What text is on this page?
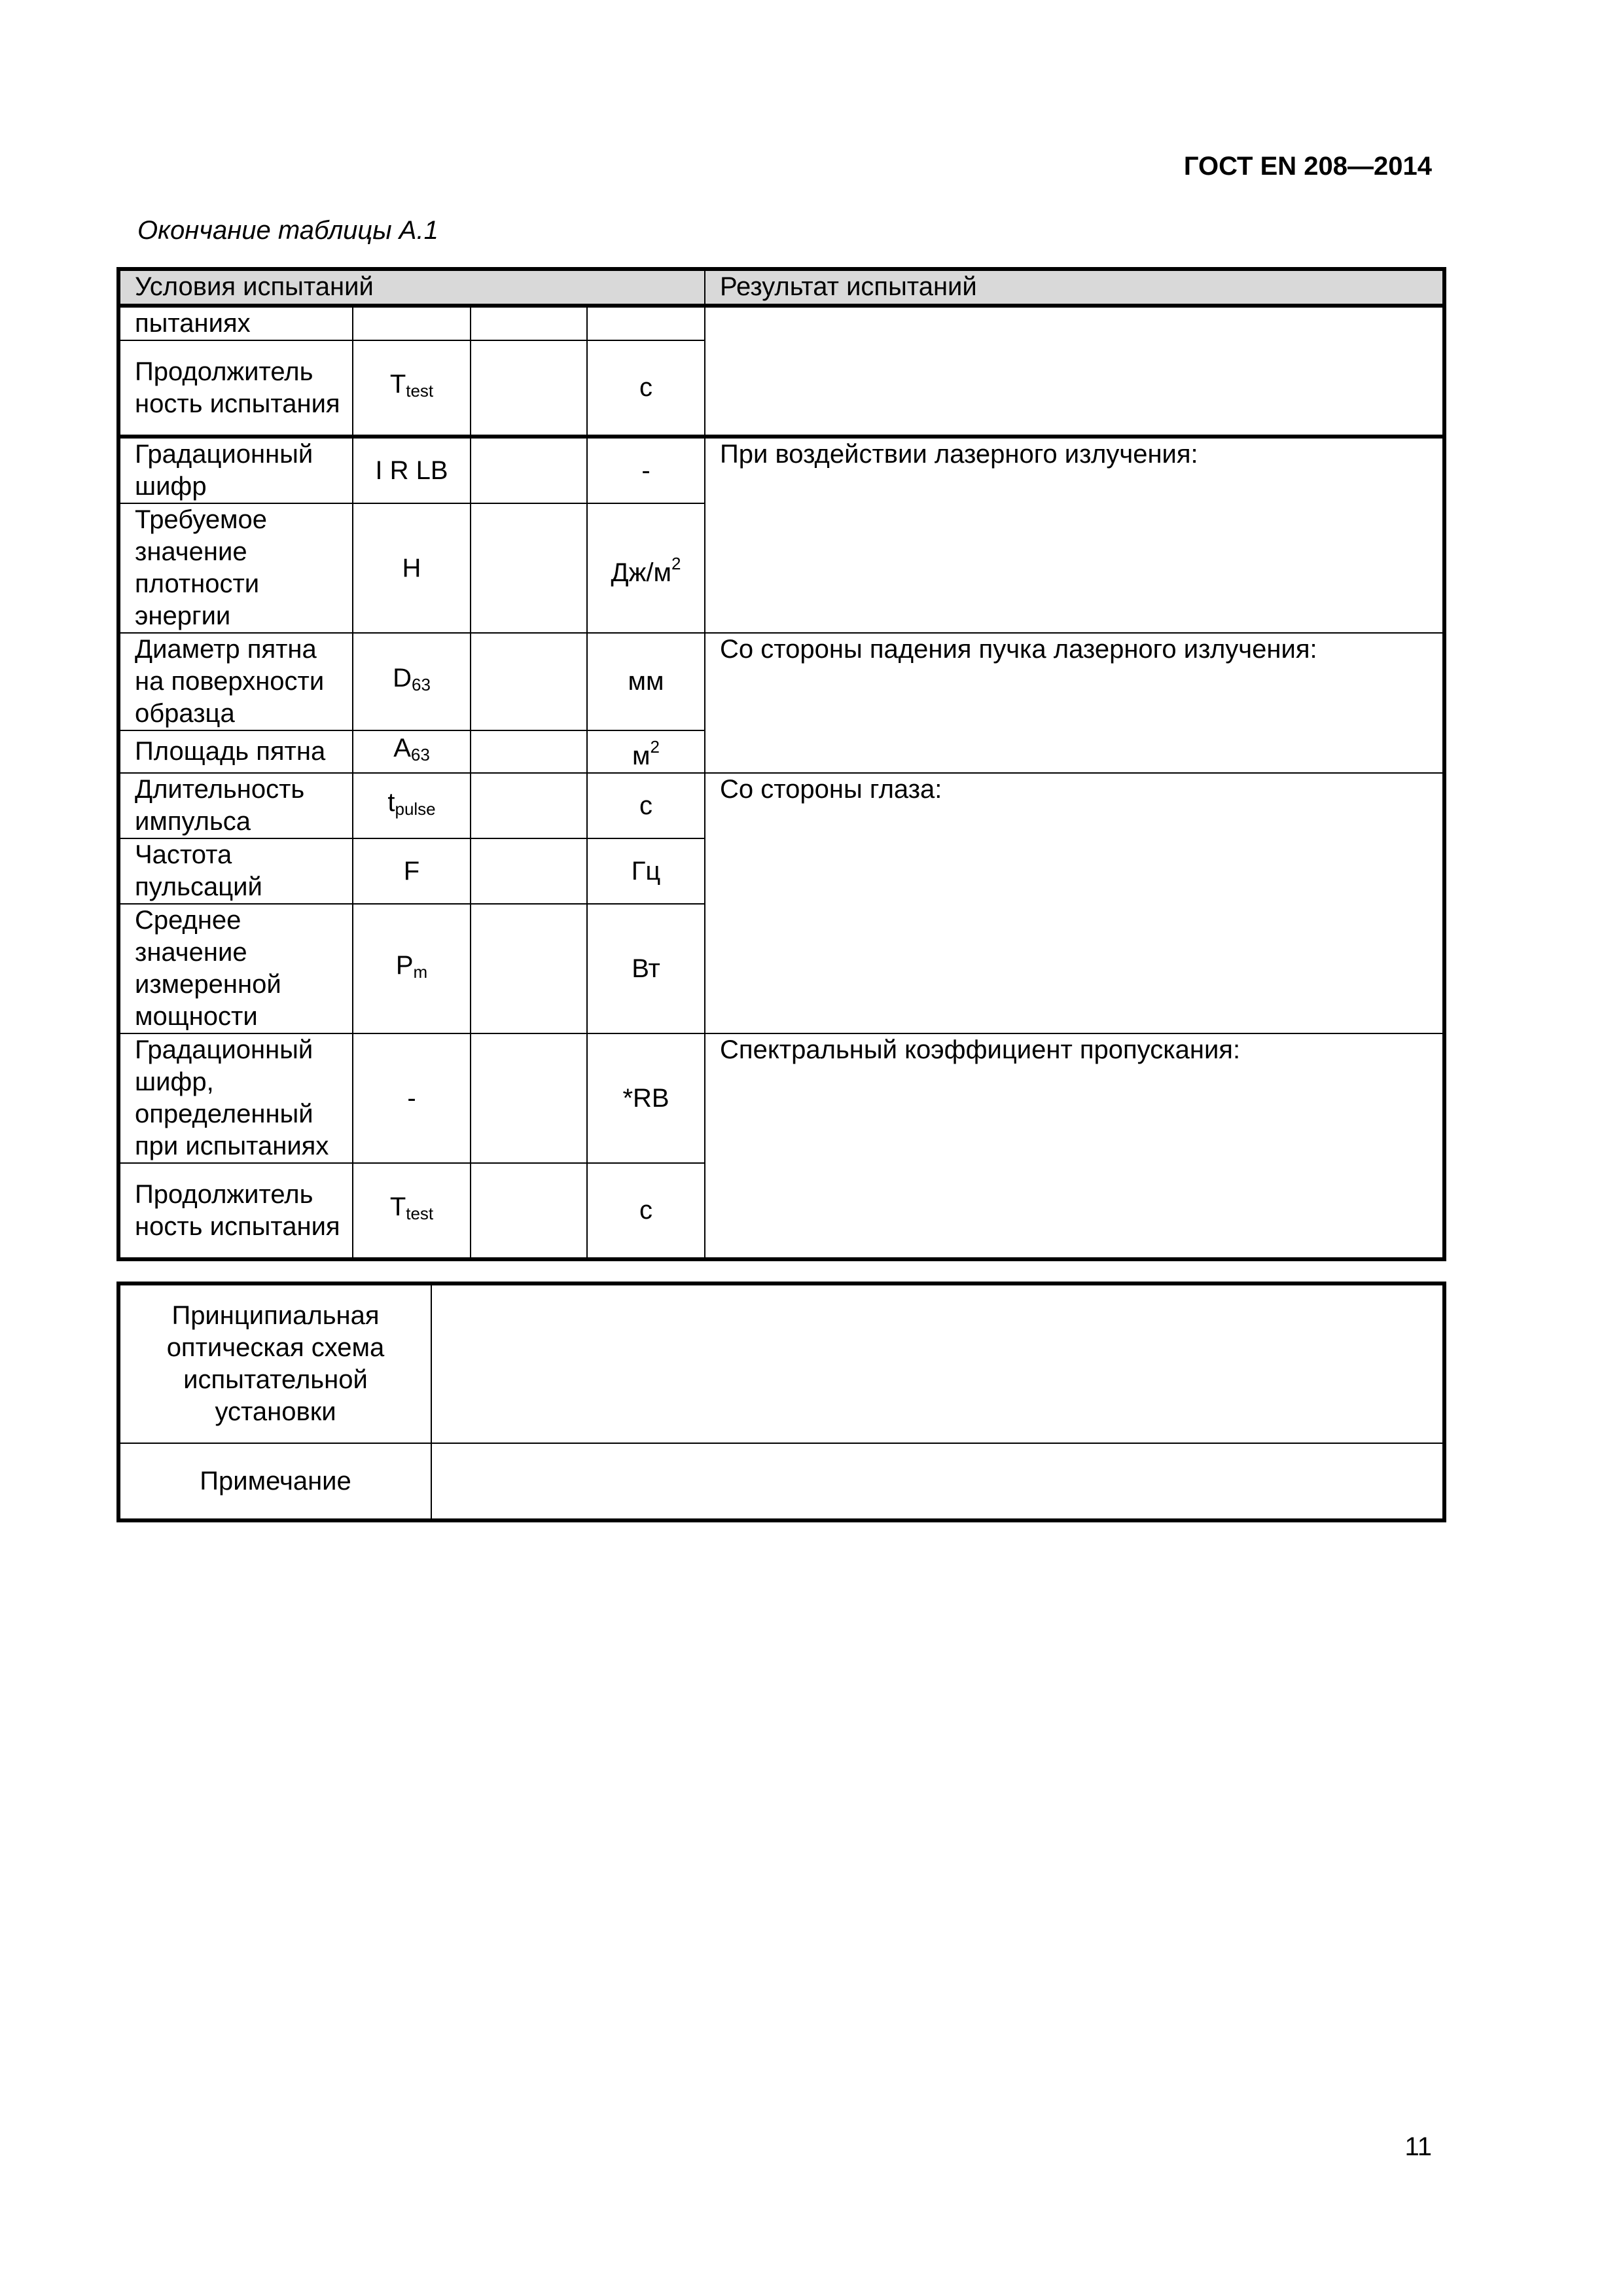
ГОСТ EN 208—2014
Окончание таблицы А.1
Условия испытаний				Результат испытаний
пытаниях				
Продолжитель ность испытания	$T_{test}$		с	
Градационный шифр	I R LB		-	При воздействии лазерного излучения:
Требуемое значение плотности энергии	H		$Дж/м^2$
Диаметр пятна на поверхности образца	$D_{63}$		мм	Со стороны падения пучка лазерного излучения:
Площадь пятна	$A_{63}$		$м^2$
Длительность импульса	$t_{pulse}$		с	Со стороны глаза:
Частота пульсаций	F		Гц	
Среднее значение измеренной мощности	$P_m$		Вт	
Градационный шифр, определенный при испытаниях	-		*RB	Спектральный коэффициент пропускания:
Продолжитель ность испытания	$T_{test}$		с	
Принципиальная оптическая схема испытательной установки	
Примечание	
11
